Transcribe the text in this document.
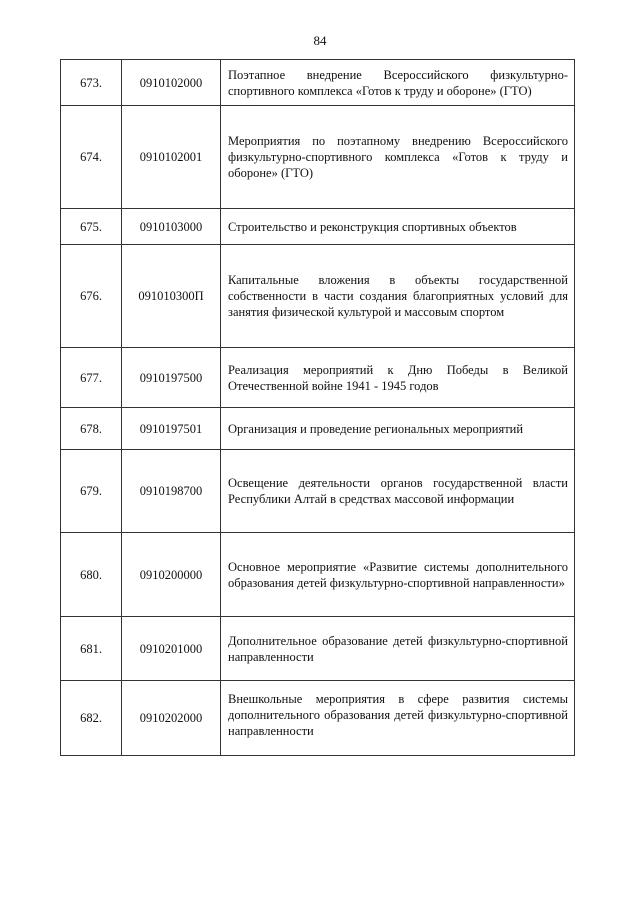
84
673.	0910102000	Поэтапное внедрение Всероссийского физкультурно-спортивного комплекса «Готов к труду и обороне» (ГТО)

674.	0910102001	Мероприятия по поэтапному внедрению Всероссийского физкультурно-спортивного комплекса «Готов к труду и обороне» (ГТО)

675.	0910103000	Строительство и реконструкция спортивных объектов

676.	091010300П	Капитальные вложения в объекты государственной собственности в части создания благоприятных условий для занятия физической культурой и массовым спортом

677.	0910197500	Реализация мероприятий к Дню Победы в Великой Отечественной войне 1941 - 1945 годов

678.	0910197501	Организация и проведение региональных мероприятий

679.	0910198700	Освещение деятельности органов государственной власти Республики Алтай в средствах массовой информации

680.	0910200000	Основное мероприятие «Развитие системы дополнительного образования детей физкультурно-спортивной направленности»

681.	0910201000	Дополнительное образование детей физкультурно-спортивной направленности

682.	0910202000	Внешкольные мероприятия в сфере развития системы дополнительного образования детей физкультурно-спортивной направленности
